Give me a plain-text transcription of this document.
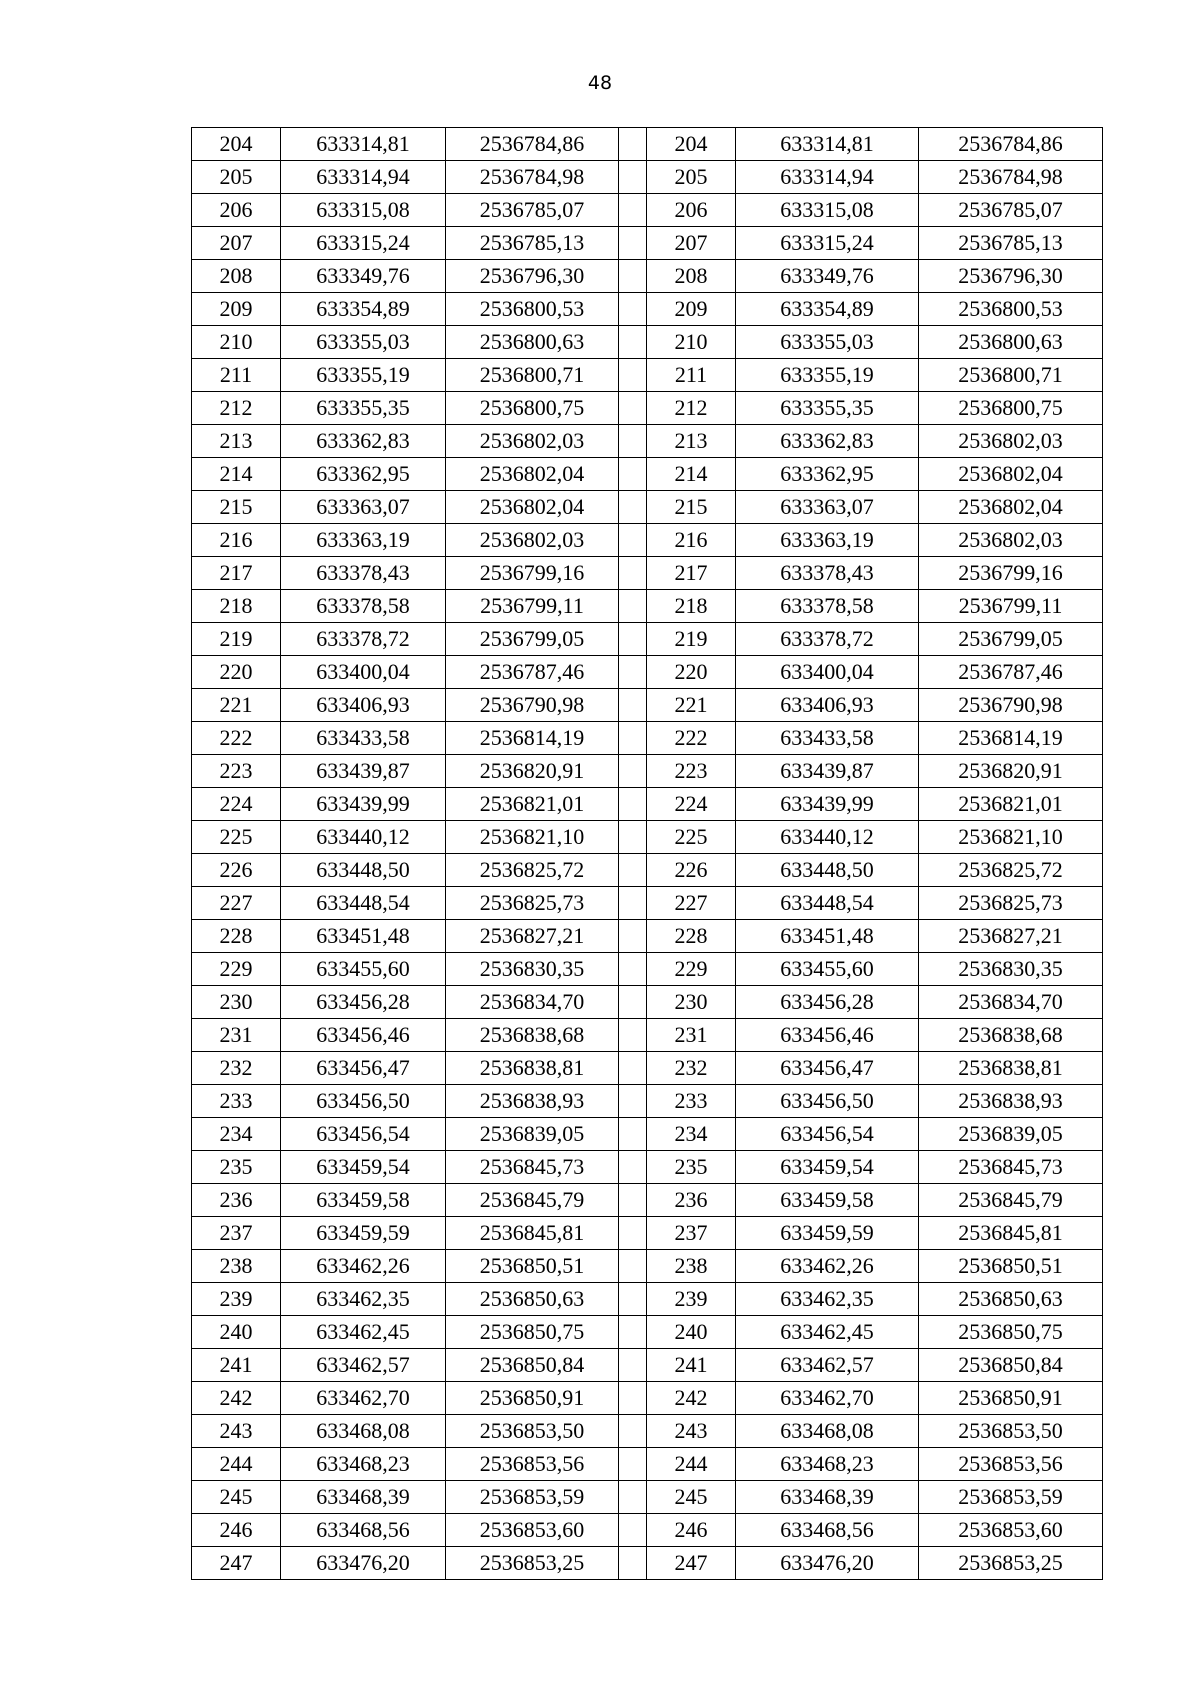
48
204	633314,81	2536784,86		204	633314,81	2536784,86
205	633314,94	2536784,98		205	633314,94	2536784,98
206	633315,08	2536785,07		206	633315,08	2536785,07
207	633315,24	2536785,13		207	633315,24	2536785,13
208	633349,76	2536796,30		208	633349,76	2536796,30
209	633354,89	2536800,53		209	633354,89	2536800,53
210	633355,03	2536800,63		210	633355,03	2536800,63
211	633355,19	2536800,71		211	633355,19	2536800,71
212	633355,35	2536800,75		212	633355,35	2536800,75
213	633362,83	2536802,03		213	633362,83	2536802,03
214	633362,95	2536802,04		214	633362,95	2536802,04
215	633363,07	2536802,04		215	633363,07	2536802,04
216	633363,19	2536802,03		216	633363,19	2536802,03
217	633378,43	2536799,16		217	633378,43	2536799,16
218	633378,58	2536799,11		218	633378,58	2536799,11
219	633378,72	2536799,05		219	633378,72	2536799,05
220	633400,04	2536787,46		220	633400,04	2536787,46
221	633406,93	2536790,98		221	633406,93	2536790,98
222	633433,58	2536814,19		222	633433,58	2536814,19
223	633439,87	2536820,91		223	633439,87	2536820,91
224	633439,99	2536821,01		224	633439,99	2536821,01
225	633440,12	2536821,10		225	633440,12	2536821,10
226	633448,50	2536825,72		226	633448,50	2536825,72
227	633448,54	2536825,73		227	633448,54	2536825,73
228	633451,48	2536827,21		228	633451,48	2536827,21
229	633455,60	2536830,35		229	633455,60	2536830,35
230	633456,28	2536834,70		230	633456,28	2536834,70
231	633456,46	2536838,68		231	633456,46	2536838,68
232	633456,47	2536838,81		232	633456,47	2536838,81
233	633456,50	2536838,93		233	633456,50	2536838,93
234	633456,54	2536839,05		234	633456,54	2536839,05
235	633459,54	2536845,73		235	633459,54	2536845,73
236	633459,58	2536845,79		236	633459,58	2536845,79
237	633459,59	2536845,81		237	633459,59	2536845,81
238	633462,26	2536850,51		238	633462,26	2536850,51
239	633462,35	2536850,63		239	633462,35	2536850,63
240	633462,45	2536850,75		240	633462,45	2536850,75
241	633462,57	2536850,84		241	633462,57	2536850,84
242	633462,70	2536850,91		242	633462,70	2536850,91
243	633468,08	2536853,50		243	633468,08	2536853,50
244	633468,23	2536853,56		244	633468,23	2536853,56
245	633468,39	2536853,59		245	633468,39	2536853,59
246	633468,56	2536853,60		246	633468,56	2536853,60
247	633476,20	2536853,25		247	633476,20	2536853,25
